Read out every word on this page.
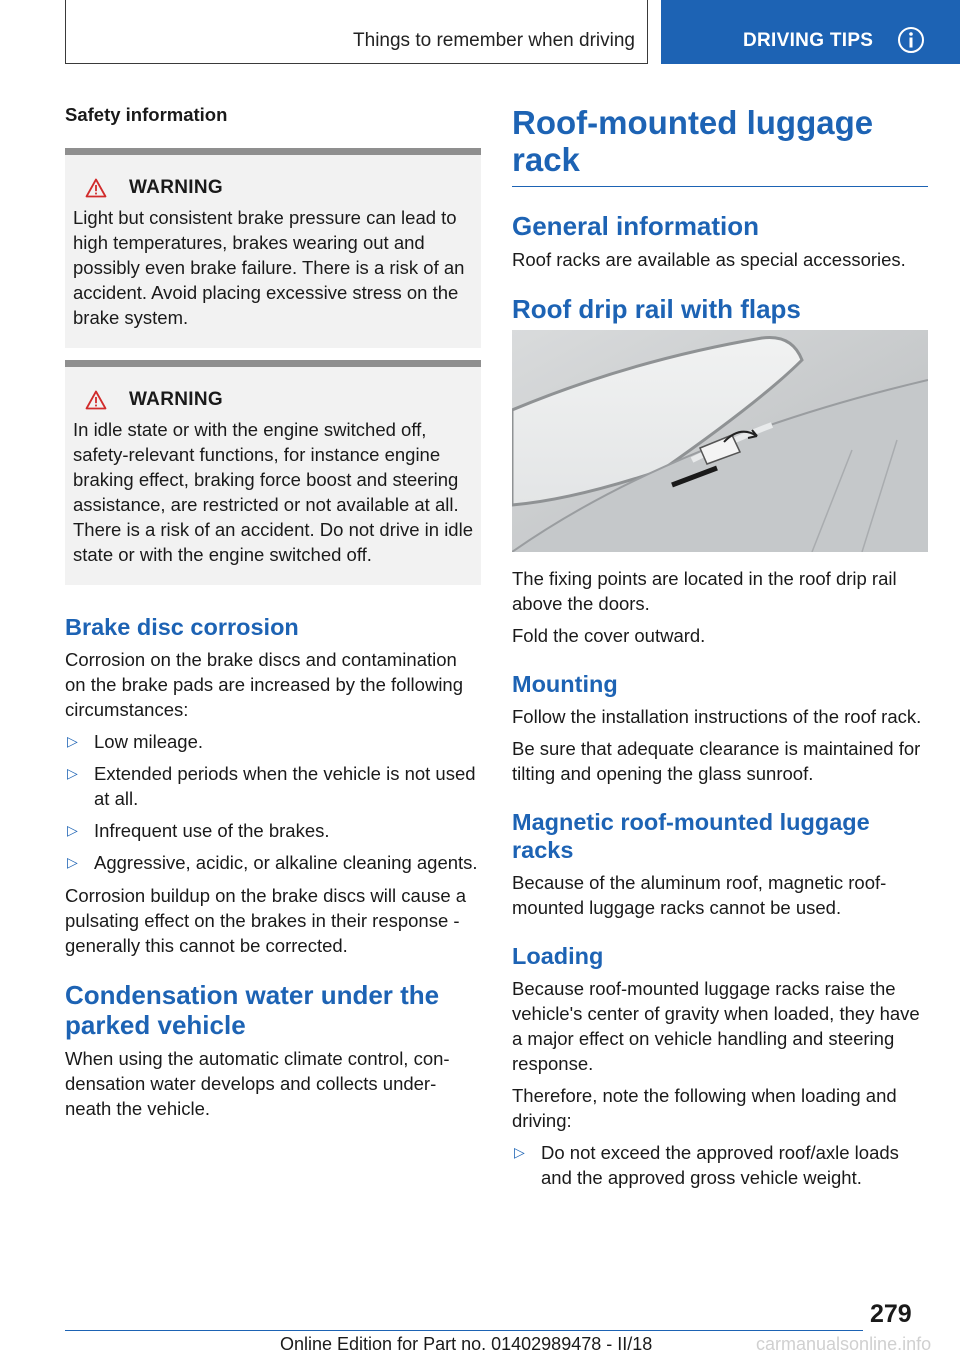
Things to remember when driving	DRIVING TIPS
Safety information
WARNING

Light but consistent brake pressure can lead to high temperatures, brakes wearing out and possibly even brake failure. There is a risk of an accident. Avoid placing excessive stress on the brake system.

WARNING

In idle state or with the engine switched off, safety-relevant functions, for instance engine braking effect, braking force boost and steering assistance, are restricted or not available at all. There is a risk of an accident. Do not drive in idle state or with the engine switched off.

Brake disc corrosion

Corrosion on the brake discs and contamination on the brake pads are increased by the following circumstances:

▷ Low mileage.
▷ Extended periods when the vehicle is not used at all.
▷ Infrequent use of the brakes.
▷ Aggressive, acidic, or alkaline cleaning agents.

Corrosion buildup on the brake discs will cause a pulsating effect on the brakes in their response - generally this cannot be corrected.

Condensation water under the parked vehicle

When using the automatic climate control, con‐densation water develops and collects under‐neath the vehicle.

Roof-mounted luggage rack
General information

Roof racks are available as special accessories.

Roof drip rail with flaps

The fixing points are located in the roof drip rail above the doors.

Fold the cover outward.

Mounting

Follow the installation instructions of the roof rack.

Be sure that adequate clearance is maintained for tilting and opening the glass sunroof.

Magnetic roof-mounted luggage racks

Because of the aluminum roof, magnetic roof‐mounted luggage racks cannot be used.

Loading

Because roof-mounted luggage racks raise the vehicle's center of gravity when loaded, they have a major effect on vehicle handling and steering response.

Therefore, note the following when loading and driving:

▷ Do not exceed the approved roof/axle loads and the approved gross vehicle weight.
279
Online Edition for Part no. 01402989478 - II/18	carmanualsonline.info
